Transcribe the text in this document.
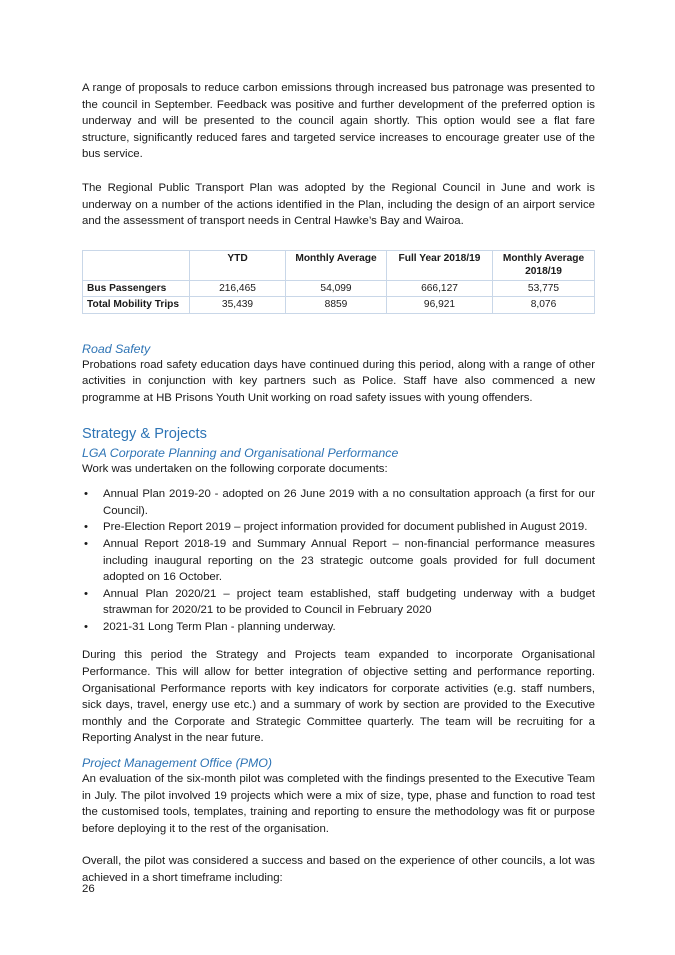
A range of proposals to reduce carbon emissions through increased bus patronage was presented to the council in September. Feedback was positive and further development of the preferred option is underway and will be presented to the council again shortly. This option would see a flat fare structure, significantly reduced fares and targeted service increases to encourage greater use of the bus service.

The Regional Public Transport Plan was adopted by the Regional Council in June and work is underway on a number of the actions identified in the Plan, including the design of an airport service and the assessment of transport needs in Central Hawke’s Bay and Wairoa.

	YTD	Monthly Average	Full Year 2018/19	Monthly Average 2018/19
Bus Passengers	216,465	54,099	666,127	53,775
Total Mobility Trips	35,439	8859	96,921	8,076
Road Safety

Probations road safety education days have continued during this period, along with a range of other activities in conjunction with key partners such as Police. Staff have also commenced a new programme at HB Prisons Youth Unit working on road safety issues with young offenders.

Strategy & Projects
LGA Corporate Planning and Organisational Performance

Work was undertaken on the following corporate documents:

• Annual Plan 2019-20 - adopted on 26 June 2019 with a no consultation approach (a first for our Council).
• Pre-Election Report 2019 – project information provided for document published in August 2019.
• Annual Report 2018-19 and Summary Annual Report – non-financial performance measures including inaugural reporting on the 23 strategic outcome goals provided for full document adopted on 16 October.
• Annual Plan 2020/21 – project team established, staff budgeting underway with a budget strawman for 2020/21 to be provided to Council in February 2020
• 2021-31 Long Term Plan - planning underway.

During this period the Strategy and Projects team expanded to incorporate Organisational Performance. This will allow for better integration of objective setting and performance reporting. Organisational Performance reports with key indicators for corporate activities (e.g. staff numbers, sick days, travel, energy use etc.) and a summary of work by section are provided to the Executive monthly and the Corporate and Strategic Committee quarterly. The team will be recruiting for a Reporting Analyst in the near future.

Project Management Office (PMO)

An evaluation of the six-month pilot was completed with the findings presented to the Executive Team in July. The pilot involved 19 projects which were a mix of size, type, phase and function to road test the customised tools, templates, training and reporting to ensure the methodology was fit or purpose before deploying it to the rest of the organisation.

Overall, the pilot was considered a success and based on the experience of other councils, a lot was achieved in a short timeframe including:

26
